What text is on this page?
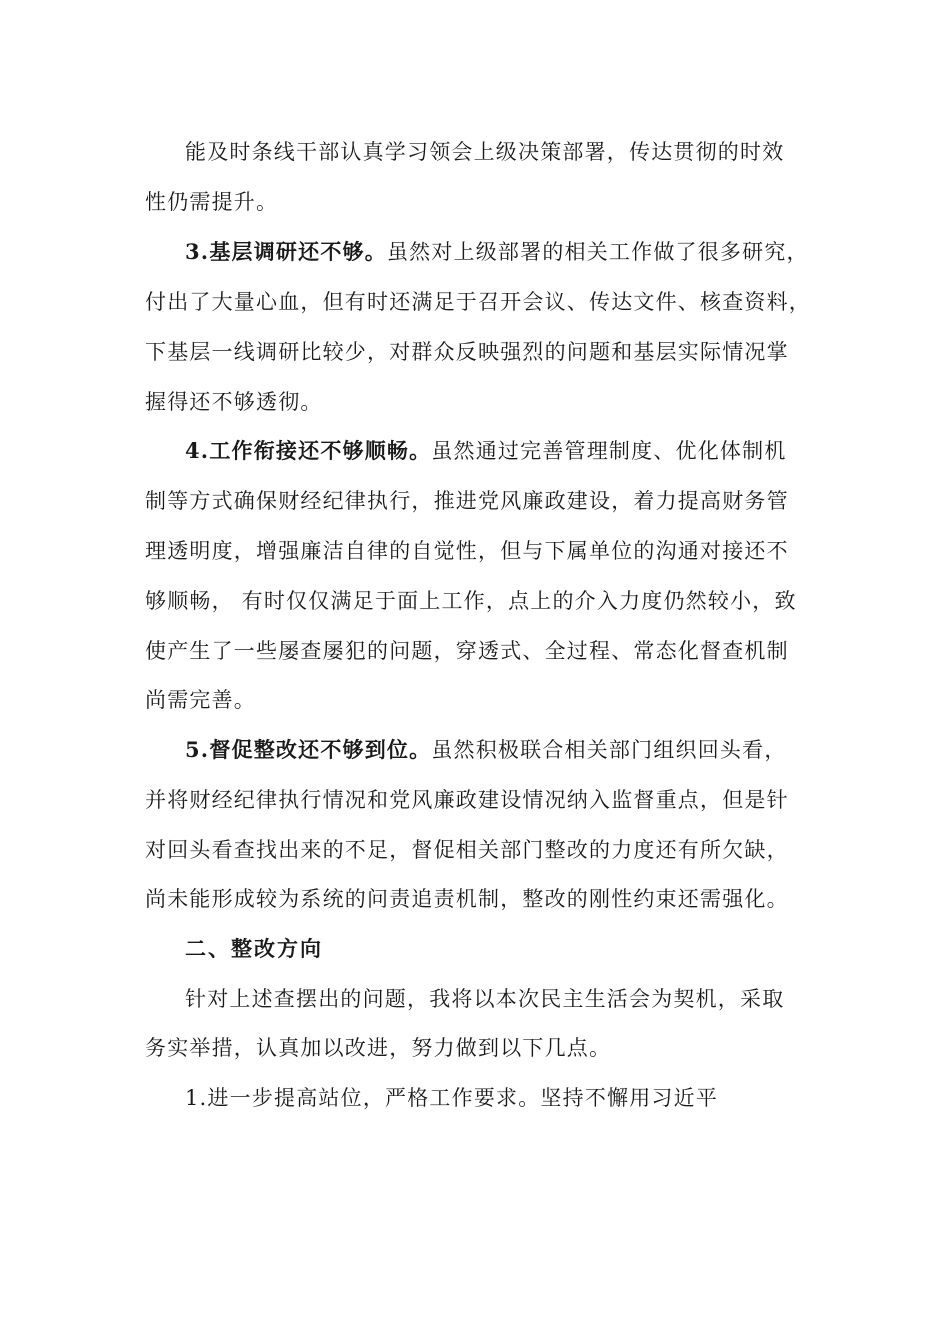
能及时条线干部认真学习领会上级决策部署，传达贯彻的时效
性仍需提升。
3.基层调研还不够。虽然对上级部署的相关工作做了很多研究，
付出了大量心血，但有时还满足于召开会议、传达文件、核查资料，
下基层一线调研比较少，对群众反映强烈的问题和基层实际情况掌
握得还不够透彻。
4.工作衔接还不够顺畅。虽然通过完善管理制度、优化体制机
制等方式确保财经纪律执行，推进党风廉政建设，着力提高财务管
理透明度，增强廉洁自律的自觉性，但与下属单位的沟通对接还不
够顺畅， 有时仅仅满足于面上工作，点上的介入力度仍然较小，致
使产生了一些屡查屡犯的问题，穿透式、全过程、常态化督查机制
尚需完善。
5.督促整改还不够到位。虽然积极联合相关部门组织回头看，
并将财经纪律执行情况和党风廉政建设情况纳入监督重点，但是针
对回头看查找出来的不足，督促相关部门整改的力度还有所欠缺，
尚未能形成较为系统的问责追责机制，整改的刚性约束还需强化。
二、整改方向
针对上述查摆出的问题，我将以本次民主生活会为契机，采取
务实举措，认真加以改进，努力做到以下几点。
1.进一步提高站位，严格工作要求。坚持不懈用习近平
